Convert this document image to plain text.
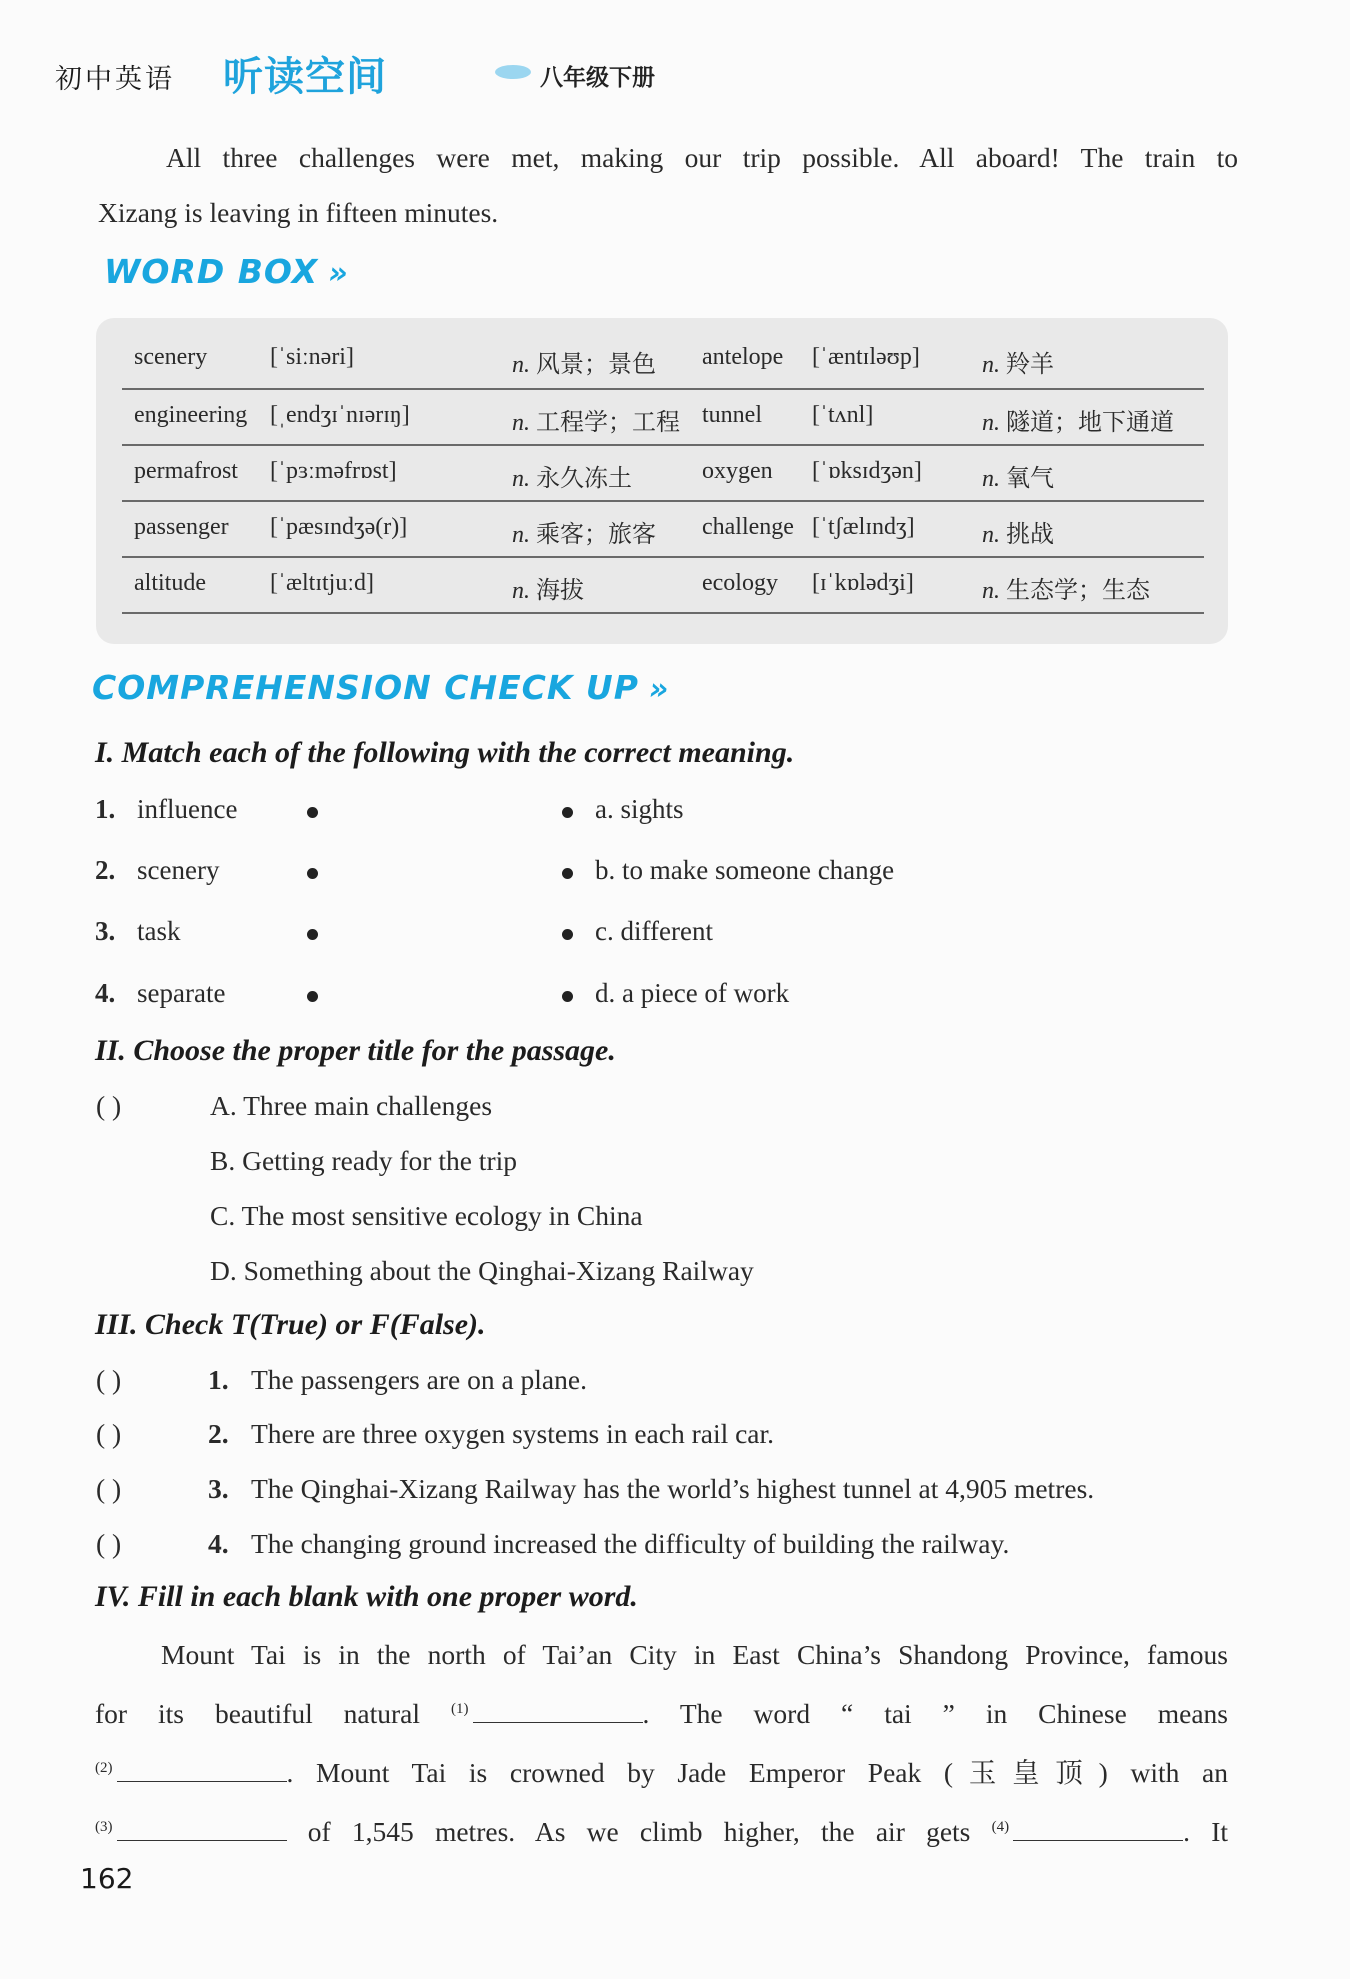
初中英语 听读空间	八年级下册
All three challenges were met, making our trip possible. All aboard! The train to
Xizang is leaving in fifteen minutes.
WORD BOX »
scenery	[ˈsiːnəri]	n. 风景；景色 antelope [ˈæntɪləʊp]	n. 羚羊
engineering [ˌendʒɪˈnɪərɪŋ]	n. 工程学；工程 tunnel [ˈtʌnl]	n. 隧道；地下通道
permafrost [ˈpɜːməfrɒst]	n. 永久冻土	oxygen [ˈɒksɪdʒən]	n. 氧气
passenger [ˈpæsɪndʒə(r)]	n. 乘客；旅客 challenge [ˈtʃælɪndʒ]	n. 挑战
altitude	[ˈæltɪtjuːd]	n. 海拔	ecology [ɪˈkɒlədʒi]	n. 生态学；生态
COMPREHENSION CHECK UP »
I. Match each of the following with the correct meaning.
1. influence	a. sights
2. scenery	b. to make someone change
3. task	c. different
4. separate	d. a piece of work
II. Choose the proper title for the passage.
( )	A. Three main challenges
B. Getting ready for the trip
C. The most sensitive ecology in China
D. Something about the Qinghai-Xizang Railway
III. Check T(True) or F(False).
( )	1. The passengers are on a plane.
( )	2. There are three oxygen systems in each rail car.
( )	3. The Qinghai-Xizang Railway has the world’s highest tunnel at 4,905 metres.
( )	4. The changing ground increased the difficulty of building the railway.
IV. Fill in each blank with one proper word.
Mount Tai is in the north of Tai’an City in East China’s Shandong Province, famous
for its beautiful natural $^{(1)}$	. The word “ tai ” in Chinese means
$^{(2)}$	. Mount Tai is crowned by Jade Emperor Peak (玉皇顶) with an
$^{(3)}$	of 1,545 metres. As we climb higher, the air gets $^{(4)}$	. It
162
